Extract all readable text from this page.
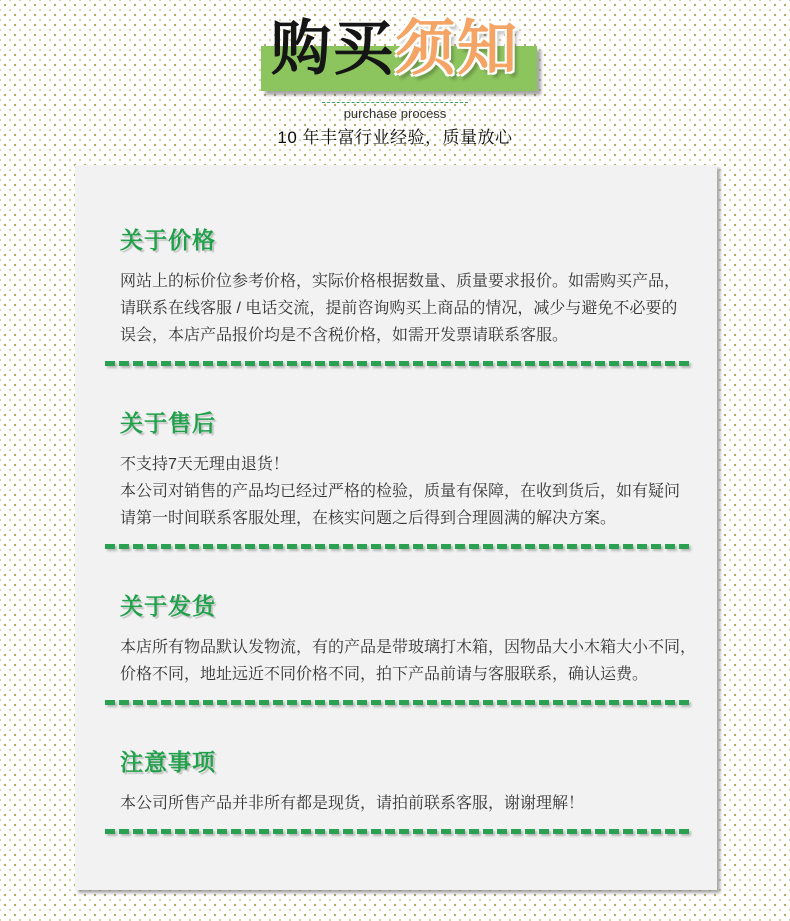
购买须知
purchase process
10 年丰富行业经验，质量放心
关于价格
网站上的标价位参考价格，实际价格根据数量、质量要求报价。如需购买产品，
请联系在线客服 / 电话交流，提前咨询购买上商品的情况，减少与避免不必要的
误会，本店产品报价均是不含税价格，如需开发票请联系客服。
关于售后
不支持7天无理由退货！
本公司对销售的产品均已经过严格的检验，质量有保障，在收到货后，如有疑问
请第一时间联系客服处理，在核实问题之后得到合理圆满的解决方案。
关于发货
本店所有物品默认发物流，有的产品是带玻璃打木箱，因物品大小木箱大小不同，
价格不同，地址远近不同价格不同，拍下产品前请与客服联系，确认运费。
注意事项
本公司所售产品并非所有都是现货，请拍前联系客服，谢谢理解！
